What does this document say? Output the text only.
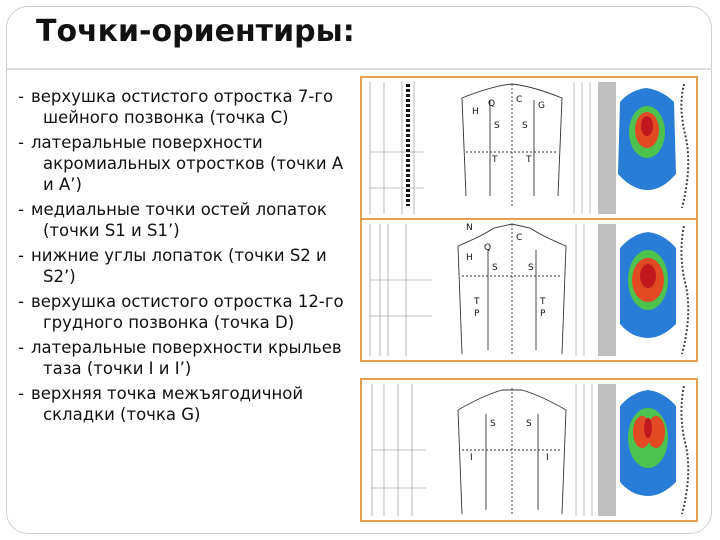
Точки-ориентиры:
- верхушка остистого отростка 7-го шейного позвонка (точка С)
- латеральные поверхности акромиальных отростков (точки А и А’)
- медиальные точки остей лопаток (точки S1 и S1’)
- нижние углы лопаток (точки S2 и S2’)
- верхушка остистого отростка 12-го грудного позвонка (точка D)
- латеральные поверхности крыльев таза (точки I и I’)
- верхняя точка межъягодичной складки (точка G)
H
Q C
G
S S
T	T
N
Q
C
H
S	S
T	T
P	P
S	S
I	I
